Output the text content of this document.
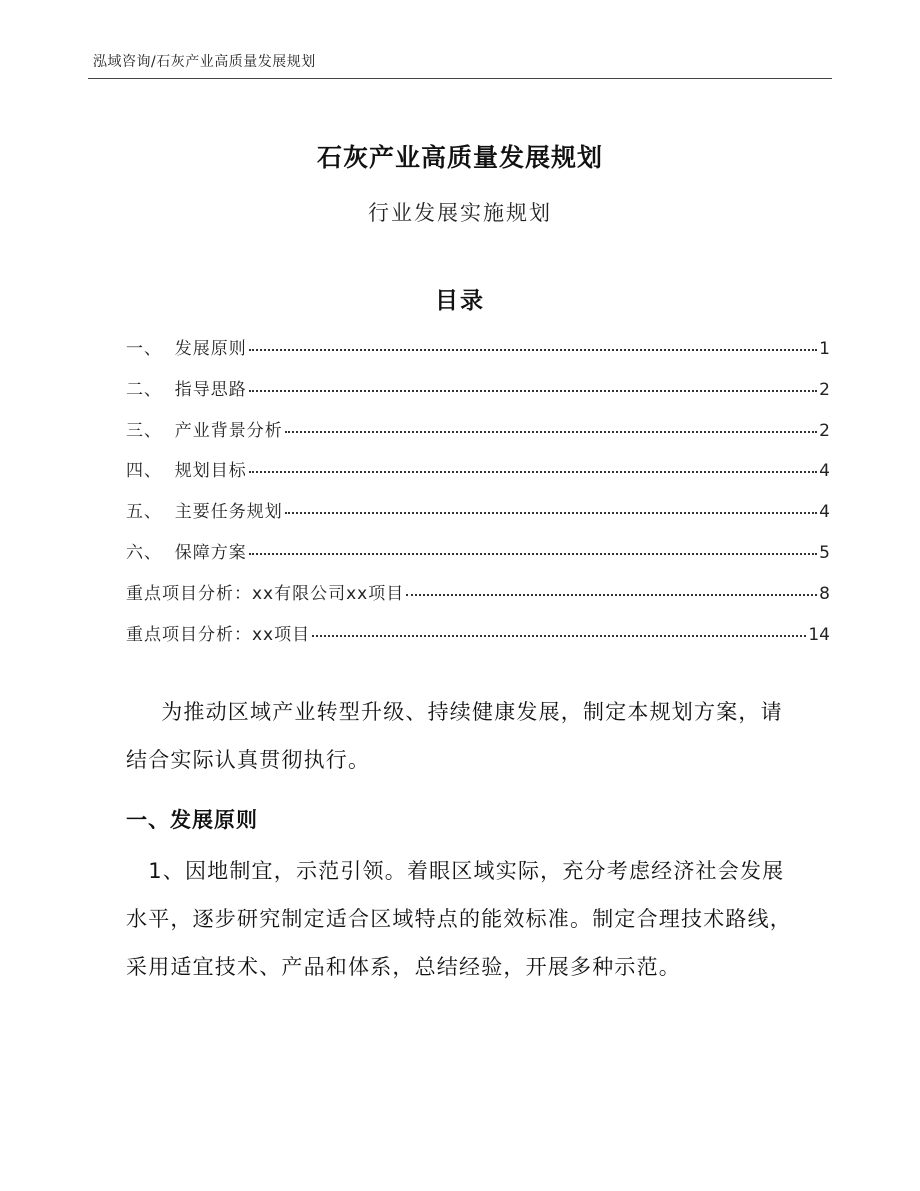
泓域咨询/石灰产业高质量发展规划
石灰产业高质量发展规划
行业发展实施规划
目录
一、  发展原则	1
二、  指导思路	2
三、  产业背景分析	2
四、  规划目标	4
五、  主要任务规划	4
六、  保障方案	5
重点项目分析：xx有限公司xx项目	8
重点项目分析：xx项目	14
　为推动区域产业转型升级、持续健康发展，制定本规划方案，请
结合实际认真贯彻执行。
一、发展原则
　1、因地制宜，示范引领。着眼区域实际，充分考虑经济社会发展
水平，逐步研究制定适合区域特点的能效标准。制定合理技术路线，
采用适宜技术、产品和体系，总结经验，开展多种示范。
